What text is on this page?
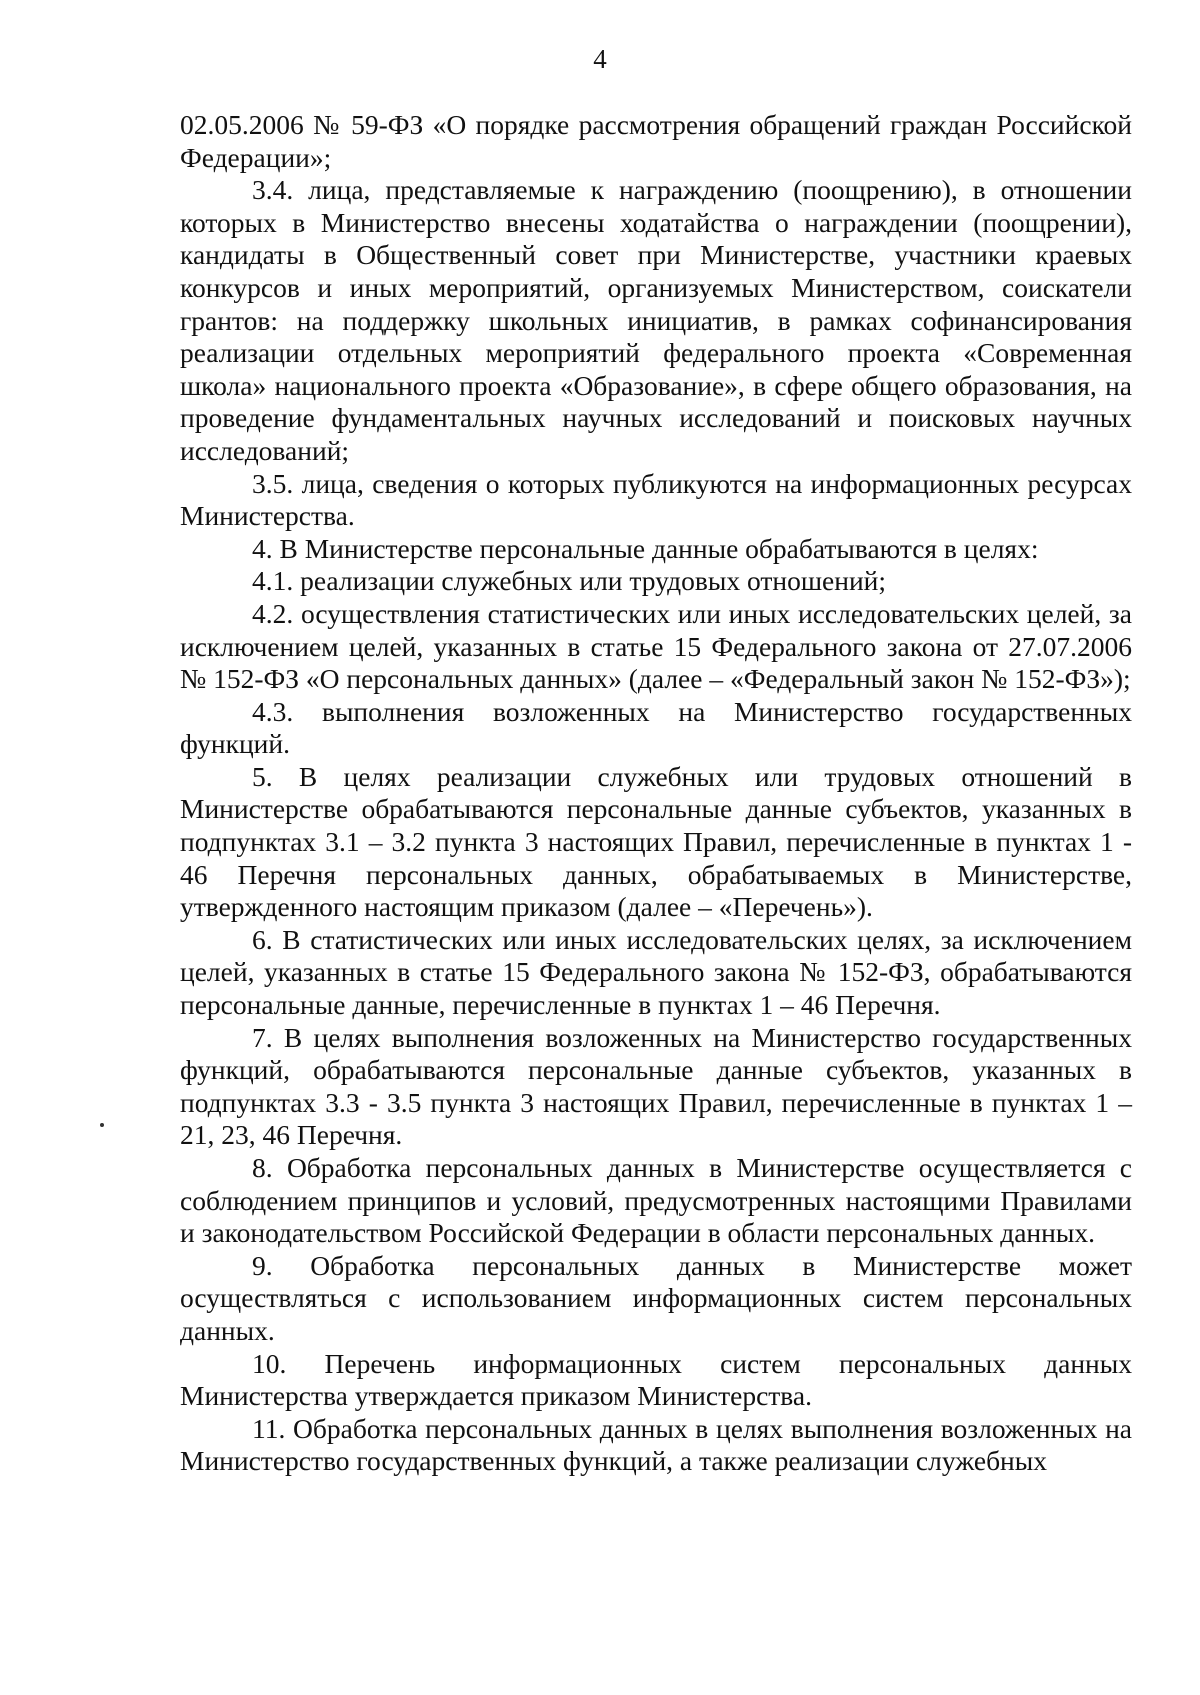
4

02.05.2006 № 59-ФЗ «О порядке рассмотрения обращений граждан Российской Федерации»;

3.4. лица, представляемые к награждению (поощрению), в отношении которых в Министерство внесены ходатайства о награждении (поощрении), кандидаты в Общественный совет при Министерстве, участники краевых конкурсов и иных мероприятий, организуемых Министерством, соискатели грантов: на поддержку школьных инициатив, в рамках софинансирования реализации отдельных мероприятий федерального проекта «Современная школа» национального проекта «Образование», в сфере общего образования, на проведение фундаментальных научных исследований и поисковых научных исследований;

3.5. лица, сведения о которых публикуются на информационных ресурсах Министерства.

4. В Министерстве персональные данные обрабатываются в целях:

4.1. реализации служебных или трудовых отношений;

4.2. осуществления статистических или иных исследовательских целей, за исключением целей, указанных в статье 15 Федерального закона от 27.07.2006 № 152-ФЗ «О персональных данных» (далее – «Федеральный закон № 152-ФЗ»);

4.3. выполнения возложенных на Министерство государственных функций.

5. В целях реализации служебных или трудовых отношений в Министерстве обрабатываются персональные данные субъектов, указанных в подпунктах 3.1 – 3.2 пункта 3 настоящих Правил, перечисленные в пунктах 1 - 46 Перечня персональных данных, обрабатываемых в Министерстве, утвержденного настоящим приказом (далее – «Перечень»).

6. В статистических или иных исследовательских целях, за исключением целей, указанных в статье 15 Федерального закона № 152-ФЗ, обрабатываются персональные данные, перечисленные в пунктах 1 – 46 Перечня.

7. В целях выполнения возложенных на Министерство государственных функций, обрабатываются персональные данные субъектов, указанных в подпунктах 3.3 - 3.5 пункта 3 настоящих Правил, перечисленные в пунктах 1 – 21, 23, 46 Перечня.

8. Обработка персональных данных в Министерстве осуществляется с соблюдением принципов и условий, предусмотренных настоящими Правилами и законодательством Российской Федерации в области персональных данных.

9. Обработка персональных данных в Министерстве может осуществляться с использованием информационных систем персональных данных.

10. Перечень информационных систем персональных данных Министерства утверждается приказом Министерства.

11. Обработка персональных данных в целях выполнения возложенных на Министерство государственных функций, а также реализации служебных
